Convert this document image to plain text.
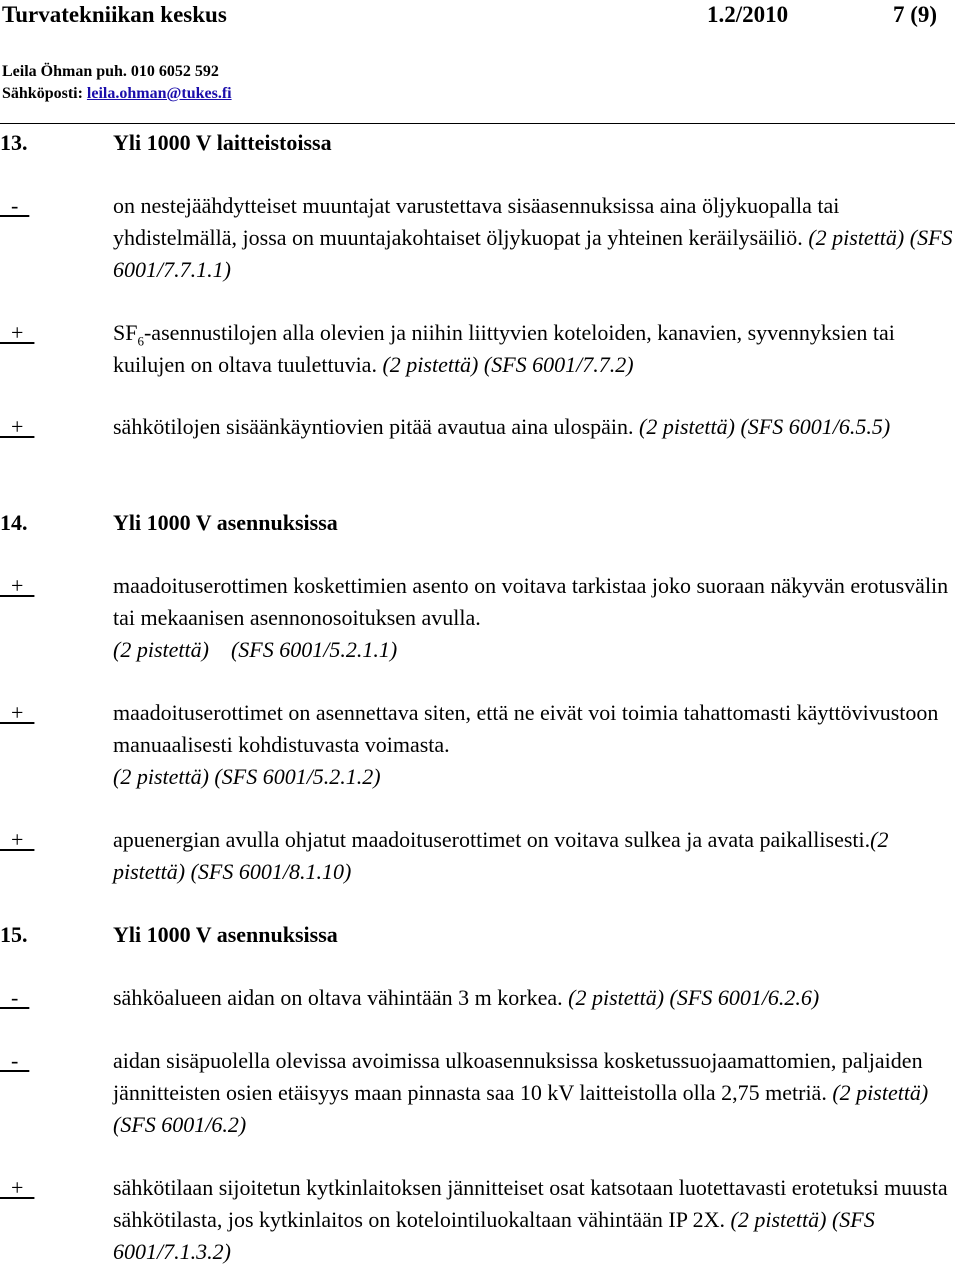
Turvatekniikan keskus	1.2/2010	7 (9)
Leila Öhman puh. 010 6052 592
Sähköposti: leila.ohman@tukes.fi
13.	Yli 1000 V laitteistoissa
-	on nestejäähdytteiset muuntajat varustettava sisäasennuksissa aina öljykuopalla tai yhdistelmällä, jossa on muuntajakohtaiset öljykuopat ja yhteinen keräilysäiliö. (2 pistettä) (SFS 6001/7.7.1.1)
+	$SF_6$-asennustilojen alla olevien ja niihin liittyvien koteloiden, kanavien, syvennyksien tai kuilujen on oltava tuulettuvia. (2 pistettä) (SFS 6001/7.7.2)
+	sähkötilojen sisäänkäyntiovien pitää avautua aina ulospäin. (2 pistettä) (SFS 6001/6.5.5)
14.	Yli 1000 V asennuksissa
+	maadoituserottimen koskettimien asento on voitava tarkistaa joko suoraan näkyvän erotusvälin tai mekaanisen asennonosoituksen avulla.
(2 pistettä) (SFS 6001/5.2.1.1)
+	maadoituserottimet on asennettava siten, että ne eivät voi toimia tahattomasti käyttövivustoon manuaalisesti kohdistuvasta voimasta.
(2 pistettä) (SFS 6001/5.2.1.2)
+	apuenergian avulla ohjatut maadoituserottimet on voitava sulkea ja avata paikallisesti.(2 pistettä) (SFS 6001/8.1.10)
15.	Yli 1000 V asennuksissa
-	sähköalueen aidan on oltava vähintään 3 m korkea. (2 pistettä) (SFS 6001/6.2.6)
-	aidan sisäpuolella olevissa avoimissa ulkoasennuksissa kosketussuojaamattomien, paljaiden jännitteisten osien etäisyys maan pinnasta saa 10 kV laitteistolla olla 2,75 metriä. (2 pistettä) (SFS 6001/6.2)
+	sähkötilaan sijoitetun kytkinlaitoksen jännitteiset osat katsotaan luotettavasti erotetuksi muusta sähkötilasta, jos kytkinlaitos on kotelointiluokaltaan vähintään IP 2X. (2 pistettä) (SFS 6001/7.1.3.2)
